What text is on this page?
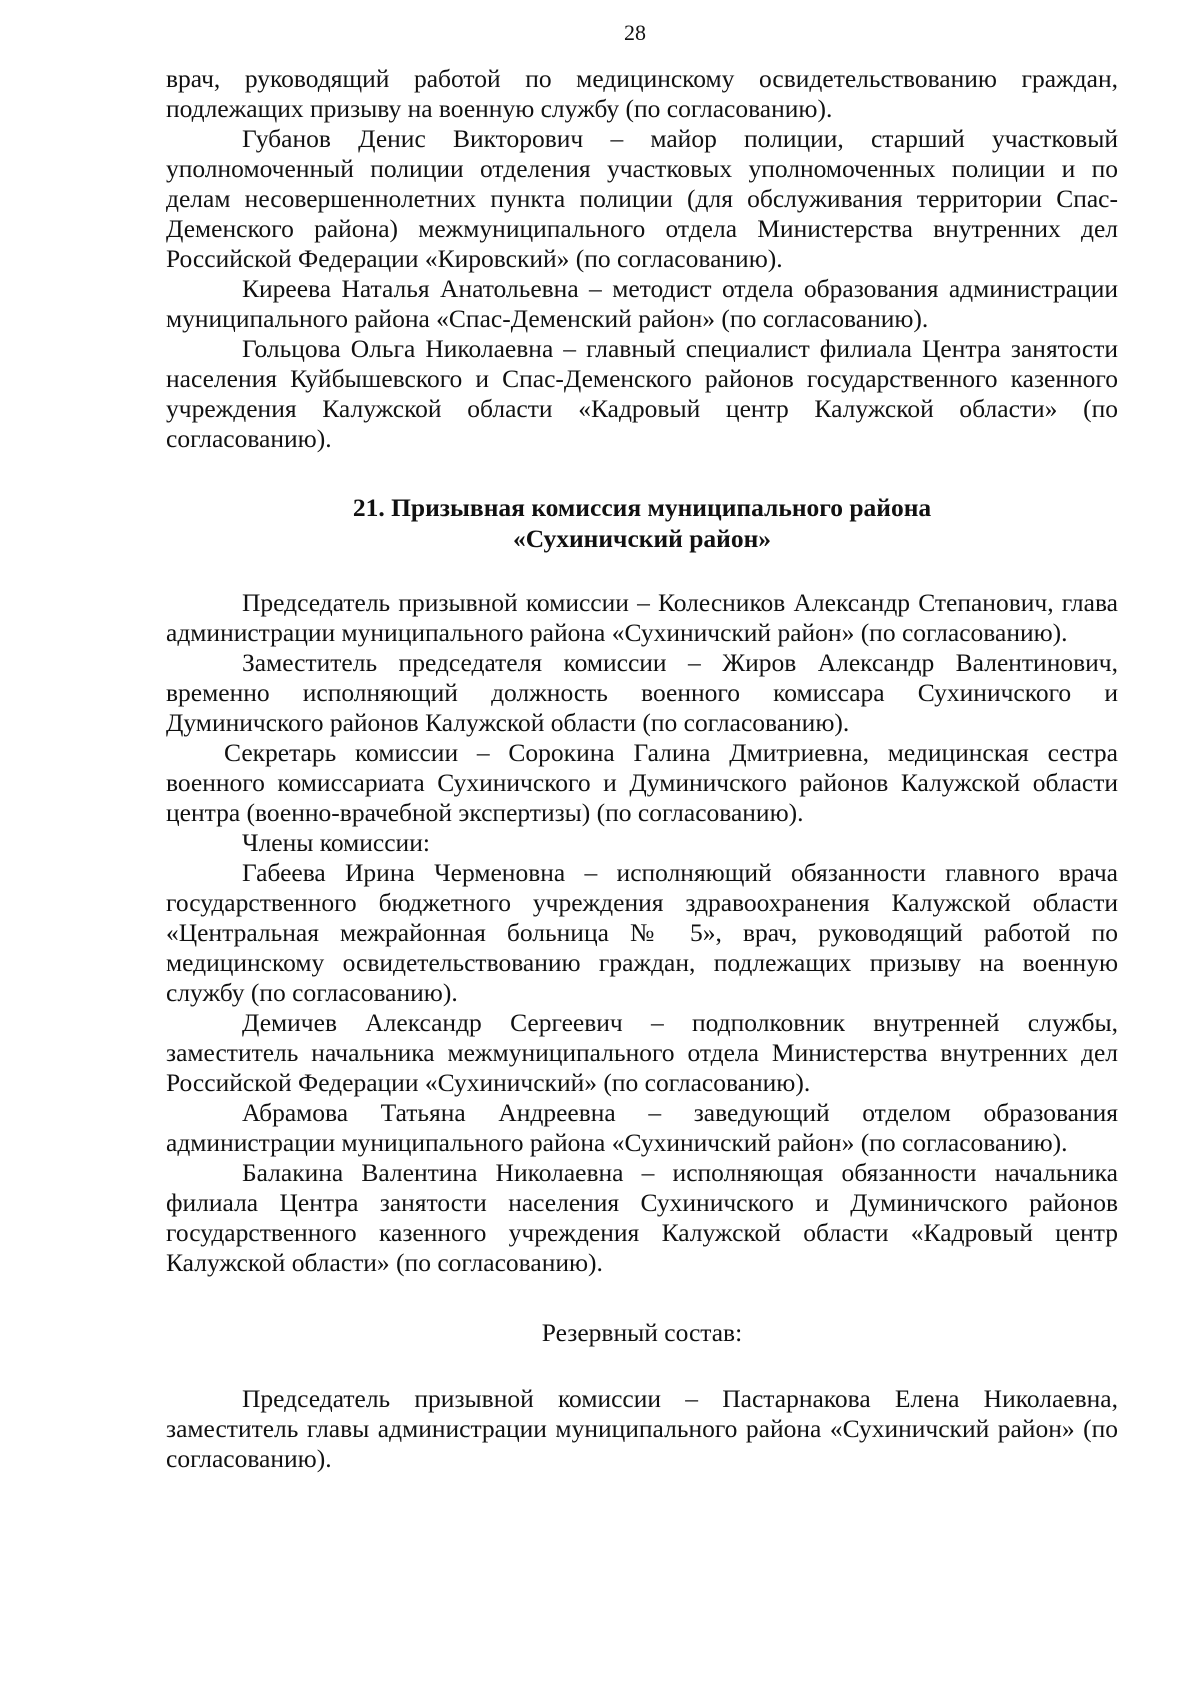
28

врач, руководящий работой по медицинскому освидетельствованию граждан, подлежащих призыву на военную службу (по согласованию).

Губанов Денис Викторович – майор полиции, старший участковый уполномоченный полиции отделения участковых уполномоченных полиции и по делам несовершеннолетних пункта полиции (для обслуживания территории Спас-Деменского района) межмуниципального отдела Министерства внутренних дел Российской Федерации «Кировский» (по согласованию).

Киреева Наталья Анатольевна – методист отдела образования администрации муниципального района «Спас-Деменский район» (по согласованию).

Гольцова Ольга Николаевна – главный специалист филиала Центра занятости населения Куйбышевского и Спас-Деменского районов государственного казенного учреждения Калужской области «Кадровый центр Калужской области» (по согласованию).

21. Призывная комиссия муниципального района
«Сухиничский район»

Председатель призывной комиссии – Колесников Александр Степанович, глава администрации муниципального района «Сухиничский район» (по согласованию).

Заместитель председателя комиссии – Жиров Александр Валентинович, временно исполняющий должность военного комиссара Сухиничского и Думиничского районов Калужской области (по согласованию).

Секретарь комиссии – Сорокина Галина Дмитриевна, медицинская сестра военного комиссариата Сухиничского и Думиничского районов Калужской области центра (военно-врачебной экспертизы) (по согласованию).

Члены комиссии:

Габеева Ирина Черменовна – исполняющий обязанности главного врача государственного бюджетного учреждения здравоохранения Калужской области «Центральная межрайонная больница № 5», врач, руководящий работой по медицинскому освидетельствованию граждан, подлежащих призыву на военную службу (по согласованию).

Демичев Александр Сергеевич – подполковник внутренней службы, заместитель начальника межмуниципального отдела Министерства внутренних дел Российской Федерации «Сухиничский» (по согласованию).

Абрамова Татьяна Андреевна – заведующий отделом образования администрации муниципального района «Сухиничский район» (по согласованию).

Балакина Валентина Николаевна – исполняющая обязанности начальника филиала Центра занятости населения Сухиничского и Думиничского районов государственного казенного учреждения Калужской области «Кадровый центр Калужской области» (по согласованию).

Резервный состав:

Председатель призывной комиссии – Пастарнакова Елена Николаевна, заместитель главы администрации муниципального района «Сухиничский район» (по согласованию).
